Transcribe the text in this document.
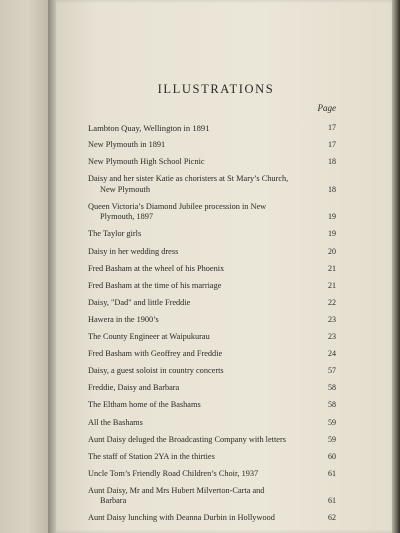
ILLUSTRATIONS
Page
Lambton Quay, Wellington in 1891	17
New Plymouth in 1891	17
New Plymouth High School Picnic	18
Daisy and her sister Katie as choristers at St Mary’s Church,
New Plymouth	18
Queen Victoria’s Diamond Jubilee procession in New
Plymouth, 1897	19
The Taylor girls	19
Daisy in her wedding dress	20
Fred Basham at the wheel of his Phoenix	21
Fred Basham at the time of his marriage	21
Daisy, "Dad" and little Freddie	22
Hawera in the 1900’s	23
The County Engineer at Waipukurau	23
Fred Basham with Geoffrey and Freddie	24
Daisy, a guest soloist in country concerts	57
Freddie, Daisy and Barbara	58
The Eltham home of the Bashams	58
All the Bashams	59
Aunt Daisy deluged the Broadcasting Company with letters	59
The staff of Station 2YA in the thirties	60
Uncle Tom’s Friendly Road Children’s Choir, 1937	61
Aunt Daisy, Mr and Mrs Hubert Milverton-Carta and
Barbara	61
Aunt Daisy lunching with Deanna Durbin in Hollywood	62
